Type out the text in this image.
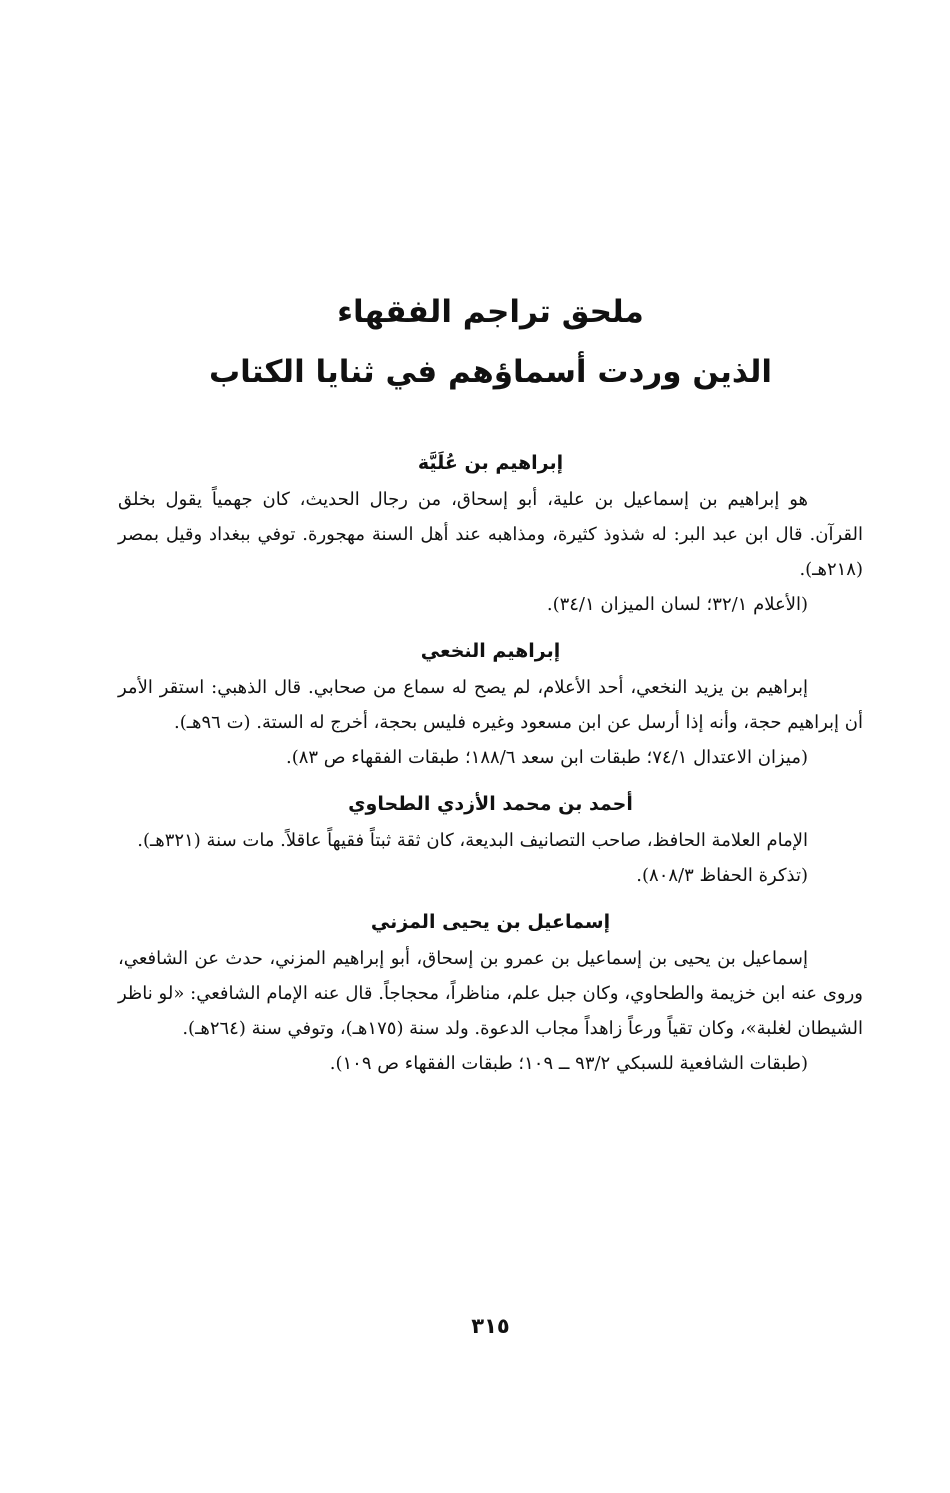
ملحق تراجم الفقهاء
الذين وردت أسماؤهم في ثنايا الكتاب
إبراهيم بن عُلَيَّة

هو إبراهيم بن إسماعيل بن علية، أبو إسحاق، من رجال الحديث، كان جهمياً يقول بخلق القرآن. قال ابن عبد البر: له شذوذ كثيرة، ومذاهبه عند أهل السنة مهجورة. توفي ببغداد وقيل بمصر (٢١٨هـ).

(الأعلام ٣٢/١؛ لسان الميزان ٣٤/١).

إبراهيم النخعي

إبراهيم بن يزيد النخعي، أحد الأعلام، لم يصح له سماع من صحابي. قال الذهبي: استقر الأمر أن إبراهيم حجة، وأنه إذا أرسل عن ابن مسعود وغيره فليس بحجة، أخرج له الستة. (ت ٩٦هـ).

(ميزان الاعتدال ٧٤/١؛ طبقات ابن سعد ١٨٨/٦؛ طبقات الفقهاء ص ٨٣).

أحمد بن محمد الأزدي الطحاوي

الإمام العلامة الحافظ، صاحب التصانيف البديعة، كان ثقة ثبتاً فقيهاً عاقلاً. مات سنة (٣٢١هـ).

(تذكرة الحفاظ ٨٠٨/٣).

إسماعيل بن يحيى المزني

إسماعيل بن يحيى بن إسماعيل بن عمرو بن إسحاق، أبو إبراهيم المزني، حدث عن الشافعي، وروى عنه ابن خزيمة والطحاوي، وكان جبل علم، مناظراً، محجاجاً. قال عنه الإمام الشافعي: «لو ناظر الشيطان لغلبة»، وكان تقياً ورعاً زاهداً مجاب الدعوة. ولد سنة (١٧٥هـ)، وتوفي سنة (٢٦٤هـ).

(طبقات الشافعية للسبكي ٩٣/٢ ــ ١٠٩؛ طبقات الفقهاء ص ١٠٩).

٣١٥
